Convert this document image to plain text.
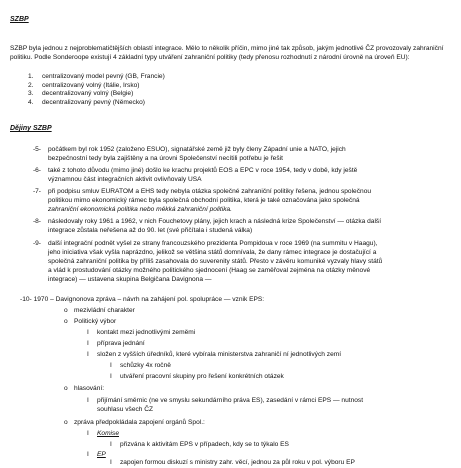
SZBP
SZBP byla jednou z nejproblematičtějších oblastí integrace. Mělo to několik příčin, mimo jiné tak způsob, jakým jednotlivé ČZ provozovaly zahraniční politiku. Podle Sonderoope existují 4 základní typy utváření zahraniční politiky (tedy přenosu rozhodnutí z národní úrovně na úroveň EU):
1. centralizovaný model pevný (GB, Francie)
2. centralizovaný volný (Itálie, Irsko)
3. decentralizovaný volný (Belgie)
4. decentralizovaný pevný (Německo)
Dějiny SZBP
-5- počátkem byl rok 1952 (založeno ESUO), signatářské země již byly členy Západní unie a NATO, jejich
bezpečnostní tedy byla zajištěny a na úrovni Společenství necítili potřebu je řešit
-6- také z tohoto důvodu (mimo jiné) došlo ke krachu projektů EOS a EPC v roce 1954, tedy v době, kdy ještě
významnou část integračních aktivit ovlivňovaly USA
-7- při podpisu smluv EURATOM a EHS tedy nebyla otázka společné zahraniční politiky řešena, jednou společnou
politikou mimo ekonomický rámec byla společná obchodní politika, která je také označována jako společná
zahraniční ekonomická politika nebo měkká zahraniční politika.
-8- následovaly roky 1961 a 1962, v nich Fouchetovy plány, jejich krach a následná krize Společenství — otázka další
integrace zůstala neřešena až do 90. let (své přičítala i studená válka)
-9- další integrační podnět vyšel ze strany francouzského prezidenta Pompidoua v roce 1969 (na summitu v Haagu),
jeho iniciativa však vyšla naprázdno, jelikož se většina států domnívala, že dany rámec integrace je dostačující a
společná zahraniční politika by příliš zasahovala do suverenity států. Přesto v závěru komuniké vyzvaly hlavy států
a vlád k prostudování otázky možného politického sjednocení (Haag se zaměřoval zejména na otázky měnové
integrace) — ustavena skupina Belgičana Davignona —
-10- 1970 – Davignonova zpráva – návrh na zahájení pol. spolupráce — vznik EPS:
o mezivládní charakter
o Politický výbor
I kontakt mezi jednotlivými zeměmi
I příprava jednání
I složen z vyšších úředníků, které vybírala ministerstva zahraničí ní jednotlivých zemí
I schůzky 4x ročně
I utváření pracovní skupiny pro řešení konkrétních otázek
o hlasování:
I přijímání směrnic (ne ve smyslu sekundárního práva ES), zasedání v rámci EPS — nutnost
souhlasu všech ČZ
o zpráva předpokládala zapojení orgánů Spol.:
I Komise
I přizvána k aktivitám EPS v případech, kdy se to týkalo ES
I EP
I zapojen formou diskuzí s ministry zahr. věcí, jednou za půl roku v pol. výboru EP
